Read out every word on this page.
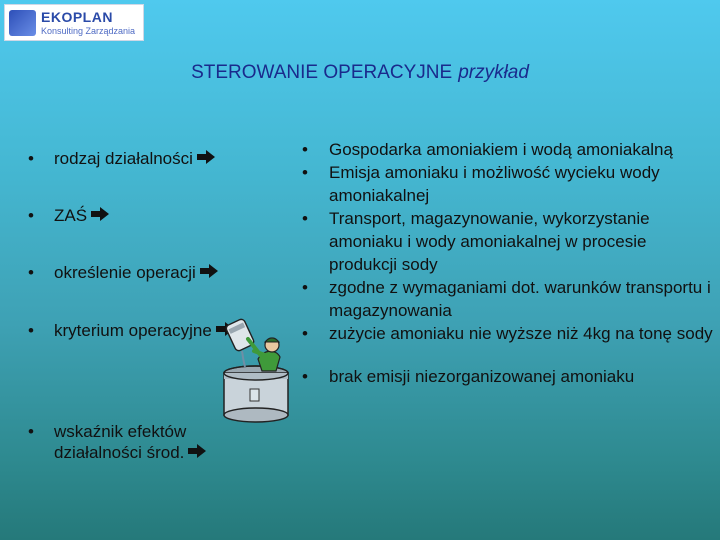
EKOPLAN
Konsulting Zarządzania
STEROWANIE OPERACYJNE przykład
• rodzaj działalności
• ZAŚ
• określenie operacji
• kryterium operacyjne
• wskaźnik efektów
działalności środ.
• Gospodarka amoniakiem i wodą amoniakalną
• Emisja amoniaku i możliwość wycieku wody amoniakalnej
• Transport, magazynowanie, wykorzystanie amoniaku i wody amoniakalnej w procesie produkcji sody
• zgodne z wymaganiami dot. warunków transportu i magazynowania
• zużycie amoniaku nie wyższe niż 4kg na tonę sody
• brak emisji niezorganizowanej amoniaku
